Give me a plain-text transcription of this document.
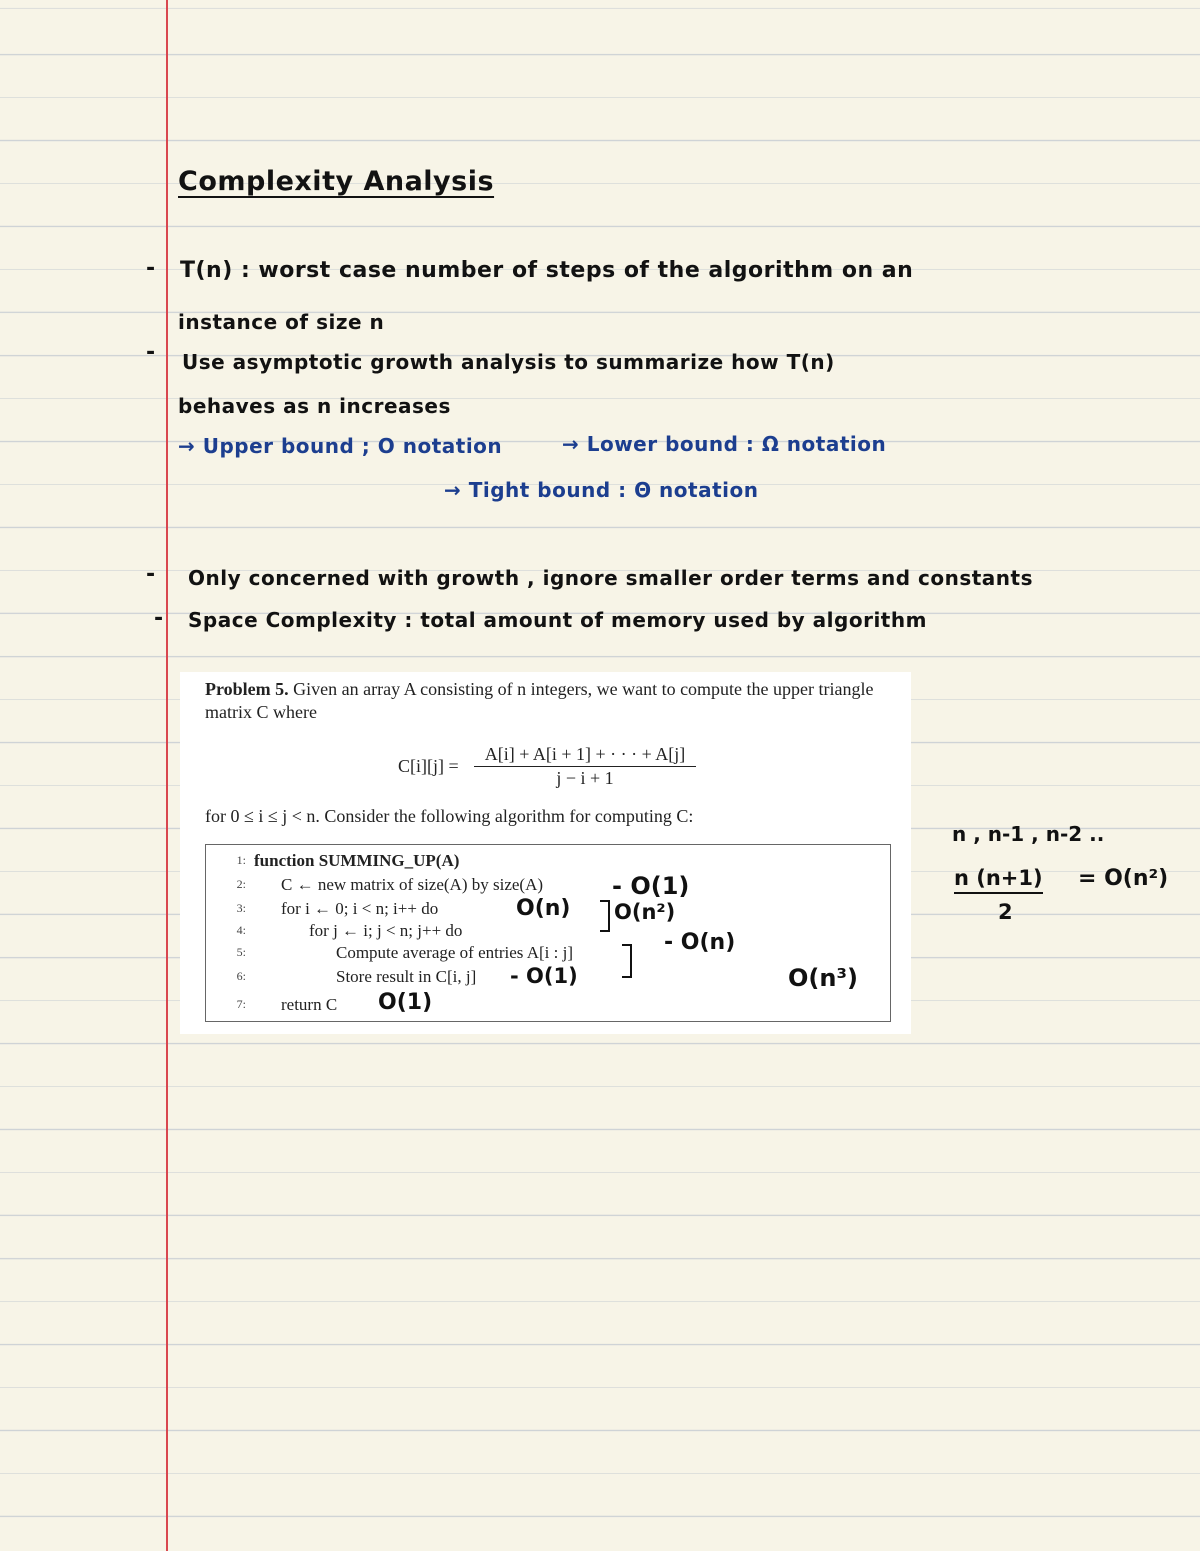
Complexity Analysis
- T(n) : worst case number of steps of the algorithm on an
instance of size n
- Use asymptotic growth analysis to summarize how T(n)
behaves as n increases
→ Upper bound ; O notation	→ Lower bound : Ω notation
→ Tight bound : Θ notation
- Only concerned with growth , ignore smaller order terms and constants
- Space Complexity : total amount of memory used by algorithm
Problem 5. Given an array A consisting of n integers, we want to compute the upper triangle matrix C where
$C[i][j] = \frac{A[i] + A[i + 1] + \cdot \cdot \cdot + A[j]}{j - i + 1}$
for 0 ≤ i ≤ j < n. Consider the following algorithm for computing C:
1: function SUMMING_UP(A)
2: C ← new matrix of size(A) by size(A)
3: for i ← 0; i < n; i++ do
4:	for j ← i; j < n; j++ do
5:	Compute average of entries A[i : j]
6:	Store result in C[i, j]
7: return C
- O(1)
O(n) O(n²)
- O(n)
- O(1)
O(1)
O(n³)
n , n-1 , n-2 ..
n (n+1)
2
= O(n²)
